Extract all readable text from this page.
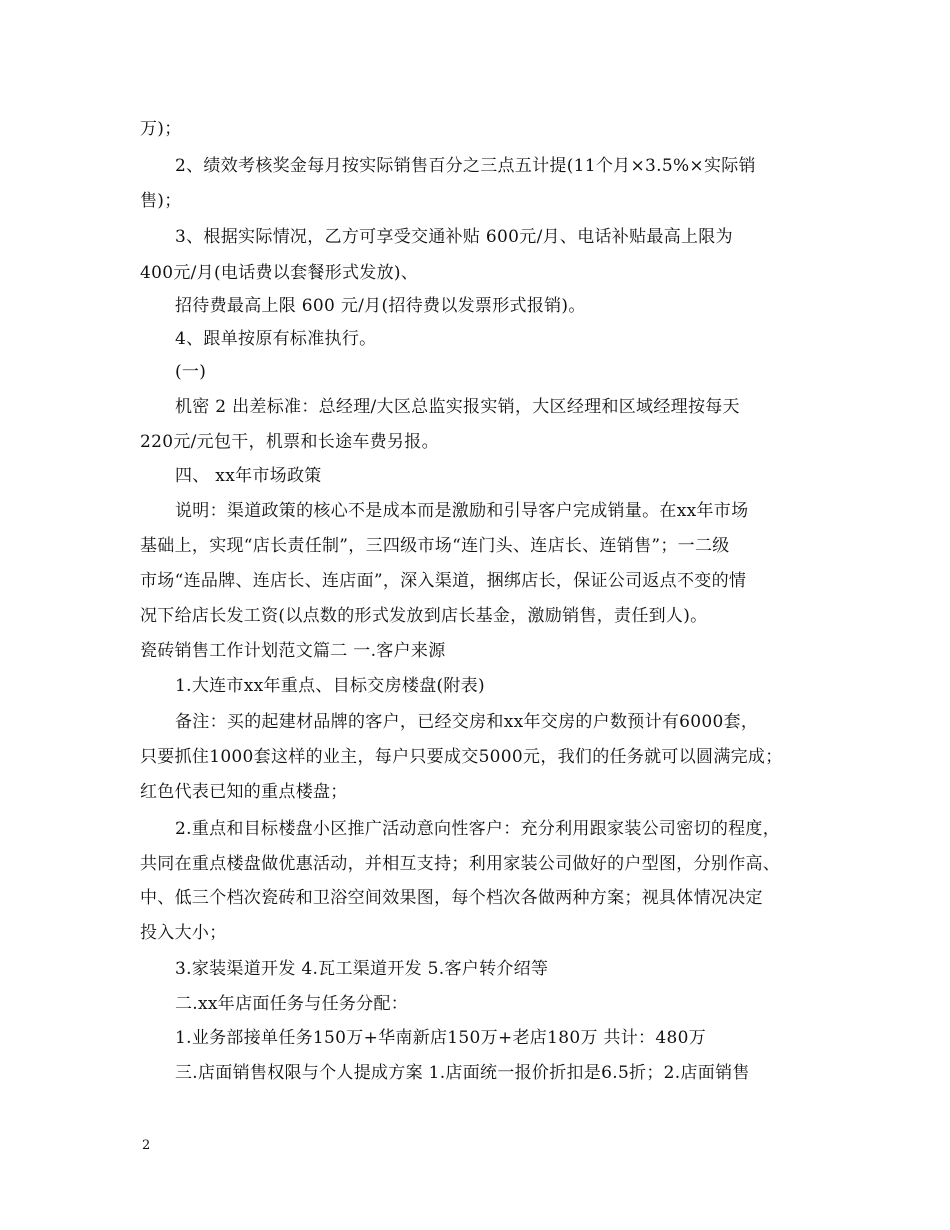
万)；
2、绩效考核奖金每月按实际销售百分之三点五计提(11个月×3.5%×实际销
售)；
3、根据实际情况，乙方可享受交通补贴 600元/月、电话补贴最高上限为
400元/月(电话费以套餐形式发放)、
招待费最高上限 600 元/月(招待费以发票形式报销)。
4、跟单按原有标准执行。
(一)
机密 2 出差标准：总经理/大区总监实报实销，大区经理和区域经理按每天
220元/元包干，机票和长途车费另报。
四、 xx年市场政策
说明：渠道政策的核心不是成本而是激励和引导客户完成销量。在xx年市场
基础上，实现“店长责任制”，三四级市场“连门头、连店长、连销售”；一二级
市场“连品牌、连店长、连店面”，深入渠道，捆绑店长，保证公司返点不变的情
况下给店长发工资(以点数的形式发放到店长基金，激励销售，责任到人)。
瓷砖销售工作计划范文篇二 一.客户来源
1.大连市xx年重点、目标交房楼盘(附表)
备注：买的起建材品牌的客户，已经交房和xx年交房的户数预计有6000套，
只要抓住1000套这样的业主，每户只要成交5000元，我们的任务就可以圆满完成；
红色代表已知的重点楼盘；
2.重点和目标楼盘小区推广活动意向性客户：充分利用跟家装公司密切的程度，
共同在重点楼盘做优惠活动，并相互支持；利用家装公司做好的户型图，分别作高、
中、低三个档次瓷砖和卫浴空间效果图，每个档次各做两种方案；视具体情况决定
投入大小；
3.家装渠道开发 4.瓦工渠道开发 5.客户转介绍等
二.xx年店面任务与任务分配：
1.业务部接单任务150万+华南新店150万+老店180万 共计：480万
三.店面销售权限与个人提成方案 1.店面统一报价折扣是6.5折；2.店面销售
2
